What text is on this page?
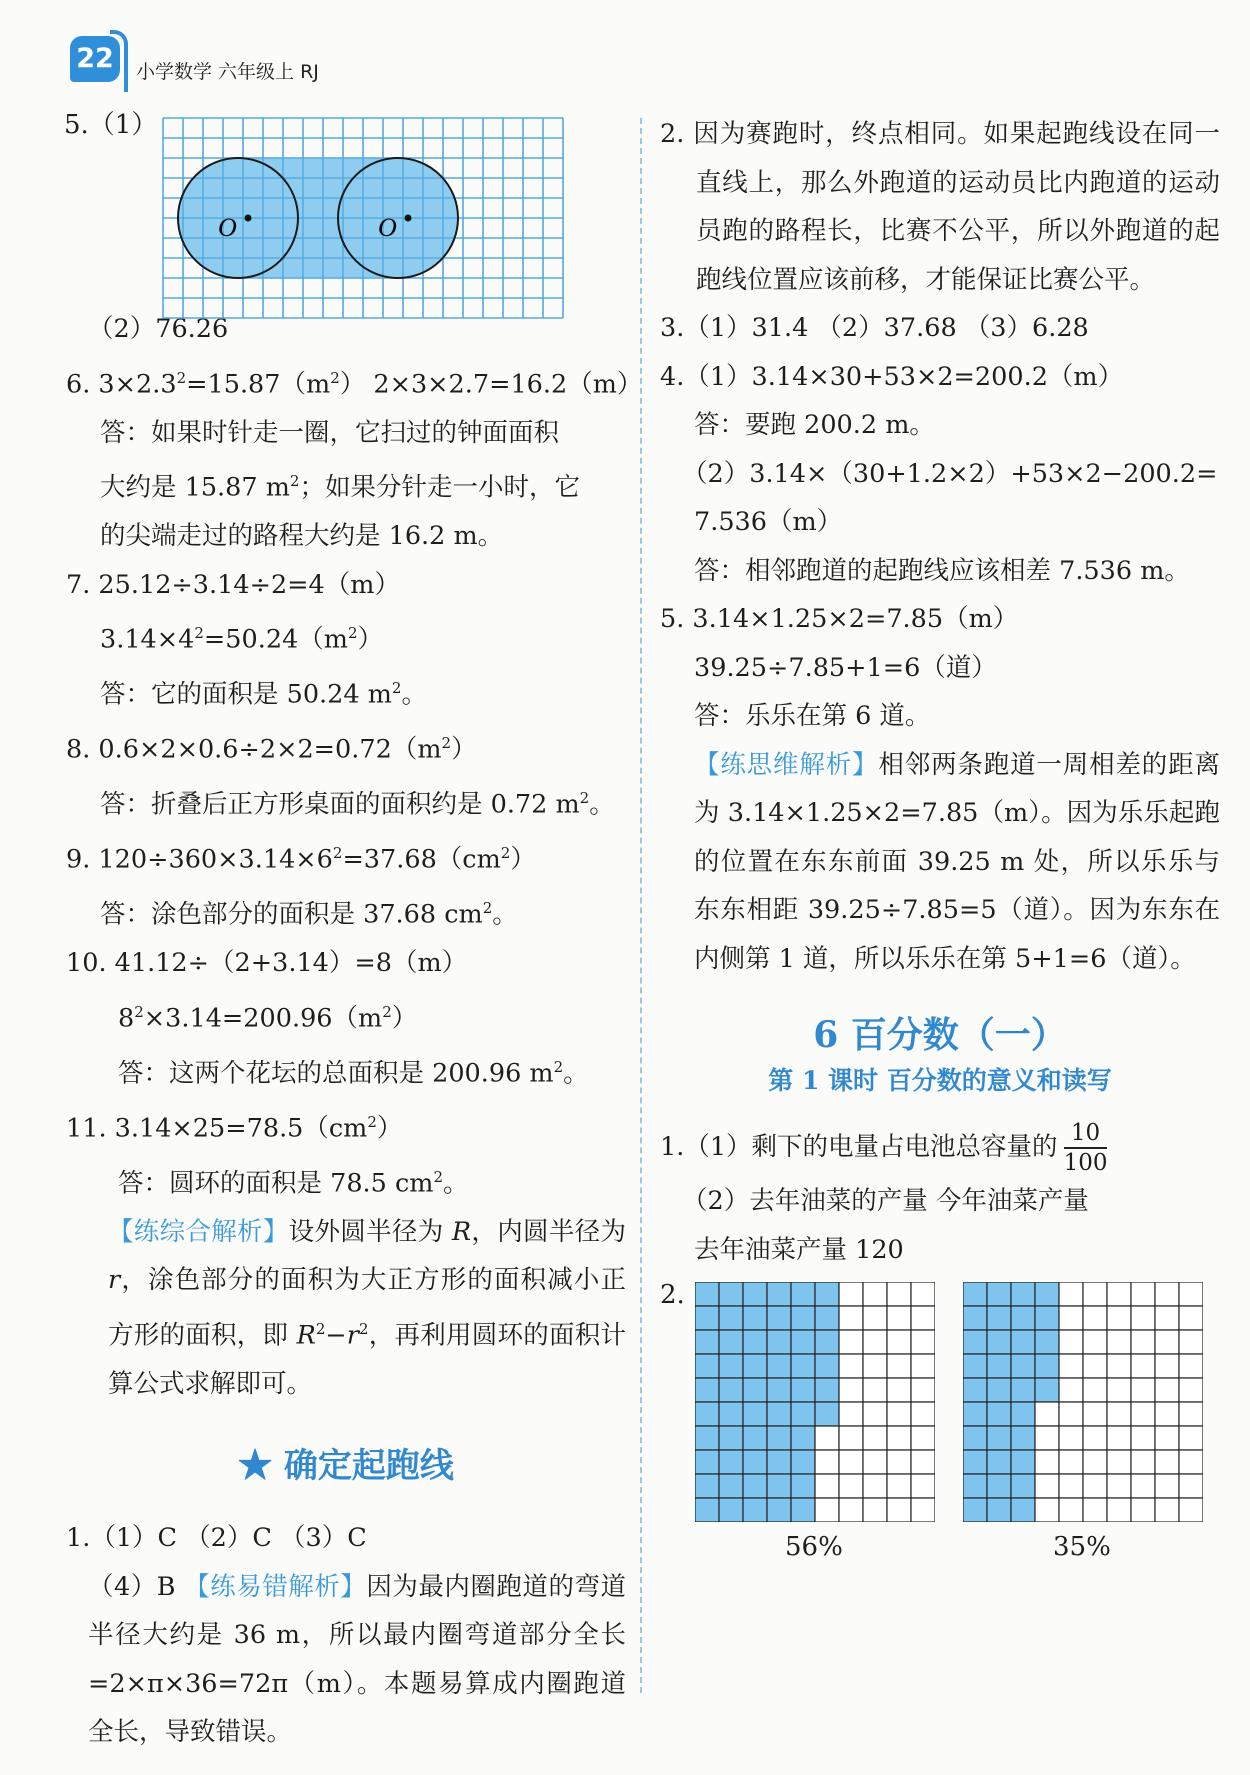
22	小学数学 六年级上 RJ
5.（1）
O	O
（2）76.26
6. $3\times 2.3^2=15.87(m^2)$ 2×3×2.7=16.2（m）
答：如果时针走一圈，它扫过的钟面面积
大约是 15.87 $m^2$；如果分针走一小时，它
的尖端走过的路程大约是 16.2 m。
7. 25.12÷3.14÷2=4（m）
$3.14\times 4^2=50.24(m^2)$
答：它的面积是 50.24 $m^2$。
8. $0.6\times 2\times 0.6\div 2\times 2=0.72(m^2)$
答：折叠后正方形桌面的面积约是 0.72 $m^2$。
9. $120\div 360\times 3.14\times 6^2=37.68(cm^2)$
答：涂色部分的面积是 37.68 $cm^2$。
10. 41.12÷（2+3.14）=8（m）
$8^2\times 3.14=200.96(m^2)$
答：这两个花坛的总面积是 200.96 $m^2$。
11. $3.14\times 25=78.5(cm^2)$
答：圆环的面积是 78.5 $cm^2$。
【练综合解析】设外圆半径为 R，内圆半径为 r，涂色部分的面积为大正方形的面积减小正方形的面积，即 $R^2-r^2$，再利用圆环的面积计算公式求解即可。
★ 确定起跑线
1.（1）C （2）C （3）C
（4）B 【练易错解析】因为最内圈跑道的弯道半径大约是 36 m，所以最内圈弯道部分全长 =2×π×36=72π（m）。本题易算成内圈跑道全长，导致错误。
2. 因为赛跑时，终点相同。如果起跑线设在同一直线上，那么外跑道的运动员比内跑道的运动员跑的路程长，比赛不公平，所以外跑道的起跑线位置应该前移，才能保证比赛公平。
3.（1）31.4 （2）37.68 （3）6.28
4.（1）3.14×30+53×2=200.2（m）
答：要跑 200.2 m。
（2）3.14×（30+1.2×2）+53×2−200.2=
7.536（m）
答：相邻跑道的起跑线应该相差 7.536 m。
5. 3.14×1.25×2=7.85（m）
39.25÷7.85+1=6（道）
答：乐乐在第 6 道。
【练思维解析】相邻两条跑道一周相差的距离为 3.14×1.25×2=7.85（m）。因为乐乐起跑的位置在东东前面 39.25 m 处，所以乐乐与东东相距 39.25÷7.85=5（道）。因为东东在内侧第 1 道，所以乐乐在第 5+1=6（道）。
6 百分数（一）
第 1 课时 百分数的意义和读写
1.（1）剩下的电量占电池总容量的 $\frac{10}{100}$
（2）去年油菜的产量 今年油菜产量
去年油菜产量 120
2.
56%	35%
